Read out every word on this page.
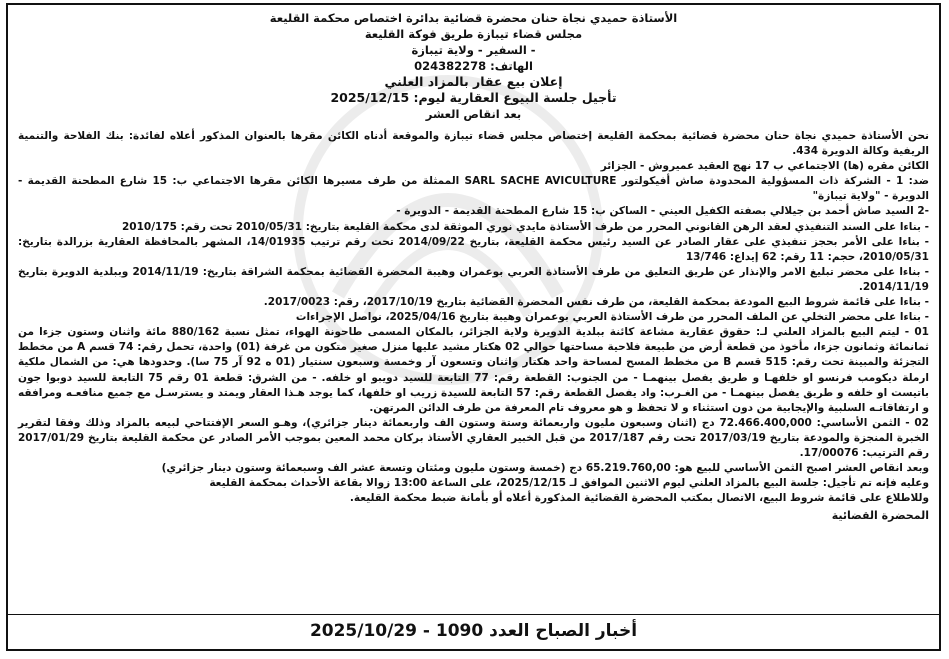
الأستاذة حميدي نجاة حنان محضرة قضائية بدائرة اختصاص محكمة القليعة
مجلس قضاء تيبازة طريق فوكة القليعة
- السفير - ولاية تيبازة
الهاتف: 024382278
إعلان بيع عقار بالمزاد العلني
تأجيل جلسة البيوع العقارية ليوم: 2025/12/15
بعد انقاص العشر

نحن الأستاذة حميدي نجاة حنان محضرة قضائية بمحكمة القليعة إختصاص مجلس قضاء تيبازة والموقعة أدناه الكائن مقرها بالعنوان المذكور أعلاه لفائدة: بنك الفلاحة والتنمية الريفية وكالة الدويرة 434.

الكائن مقره (ها) الاجتماعي ب 17 نهج العقيد عميروش - الجزائر

ضد: 1 - الشركة ذات المسؤولية المحدودة صاش أفيكولتور SARL SACHE AVICULTURE الممثلة من طرف مسيرها الكائن مقرها الاجتماعي ب: 15 شارع المطحنة القديمة - الدويرة - "ولاية تيبازة"

-2 السيد صاش أحمد بن جيلالي بصفته الكفيل العيني - الساكن ب: 15 شارع المطحنة القديمة - الدويرة -

- بناءا على السند التنفيذي لعقد الرهن القانوني المحرر من طرف الأستاذة مايدي نوري الموثقة لدى محكمة القليعة بتاريخ: 2010/05/31 تحت رقم: 2010/175

- بناءا على الأمر بحجز تنفيذي على عقار الصادر عن السيد رئيس محكمة القليعة، بتاريخ 2014/09/22 تحت رقم ترتيب 14/01935، المشهر بالمحافظة العقارية بزرالدة بتاريخ: 2010/05/31، حجم: 11 رقم: 62 إيداع: 13/746

- بناءا على محضر تبليغ الامر والإنذار عن طريق التعليق من طرف الأستاذة العربي بوعمران وهيبة المحضرة القضائية بمحكمة الشراقة بتاريخ: 2014/11/19 وببلدية الدويرة بتاريخ 2014/11/19.

- بناءا على قائمة شروط البيع المودعة بمحكمة القليعة، من طرف نفس المحضرة القضائية بتاريخ 2017/10/19، رقم: 2017/0023.

- بناءا على محضر التخلي عن الملف المحرر من طرف الأستاذة العربي بوعمران وهيبة بتاريخ 2025/04/16، نواصل الإجراءات

01 - ليتم البيع بالمزاد العلني لـ: حقوق عقارية مشاعة كائنة ببلدية الدويرة ولاية الجزائر، بالمكان المسمى طاحونة الهواء، تمثل نسبة 880/162 مائة واثنان وستون جزءا من ثمانمائة وثمانون جزءا، مأخوذ من قطعة أرض من طبيعة فلاحية مساحتها حوالي 02 هكتار مشيد عليها منزل صغير متكون من غرفة (01) واحدة، تحمل رقم: 74 قسم A من مخطط التجزئة والمبينة تحت رقم: 515 قسم B من مخطط المسح لمساحة واحد هكتار واثنان وتسعون آر وخمسة وسبعون سنتيار (01 ه 92 آر 75 سا). وحدودها هي: من الشمال ملكية ارملة ديكومب فرنسو او خلفهـا و طريق يفصل بينهمـا - من الجنوب: القطعة رقم: 77 التابعة للسيد دويبو او خلفه. - من الشرق: قطعة 01 رقم 75 التابعة للسيد دوبوا جون باتيست او خلفه و طريق يفصل بينهمـا - من الغـرب: واد يفصل القطعة رقم: 57 التابعة للسيدة زريب او خلفها، كما يوجد هـذا العقار ويمتد و يسترسـل مع جميع منافعـه ومرافقه و ارتفاقاتـه السلبية والإيجابية من دون استثناء و لا تحفظ و هو معروف تام المعرفة من طرف الدائن المرتهن.

02 - الثمن الأساسي: 72.466.400,000 دج (اثنان وسبعون مليون واربعمائة وستة وستون الف واربعمائة دينار جزائري)، وهـو السعر الإفتتاحي لبيعه بالمزاد وذلك وفقا لتقرير الخبرة المنجزة والمودعة بتاريخ 2017/03/19 تحت رقم 2017/187 من قبل الخبير العقاري الأستاذ بركان محمد المعين بموجب الأمر الصادر عن محكمة القليعة بتاريخ 2017/01/29 رقم الترتيب: 17/00076.

وبعد انقاص العشر اصبح الثمن الأساسي للبيع هو: 65.219.760,00 دج (خمسة وستون مليون ومئتان وتسعة عشر الف وسبعمائة وستون دينار جزائري)

وعليه فإنه تم تأجيل: جلسة البيع بالمزاد العلني ليوم الاثنين الموافق لـ 2025/12/15، على الساعة 13:00 زوالا بقاعة الأحداث بمحكمة القليعة

وللاطلاع على قائمة شروط البيع، الاتصال بمكتب المحضرة القضائية المذكورة أعلاه أو بأمانة ضبط محكمة القليعة.

المحضرة القضائية

أخبار الصباح العدد 1090 - 2025/10/29
